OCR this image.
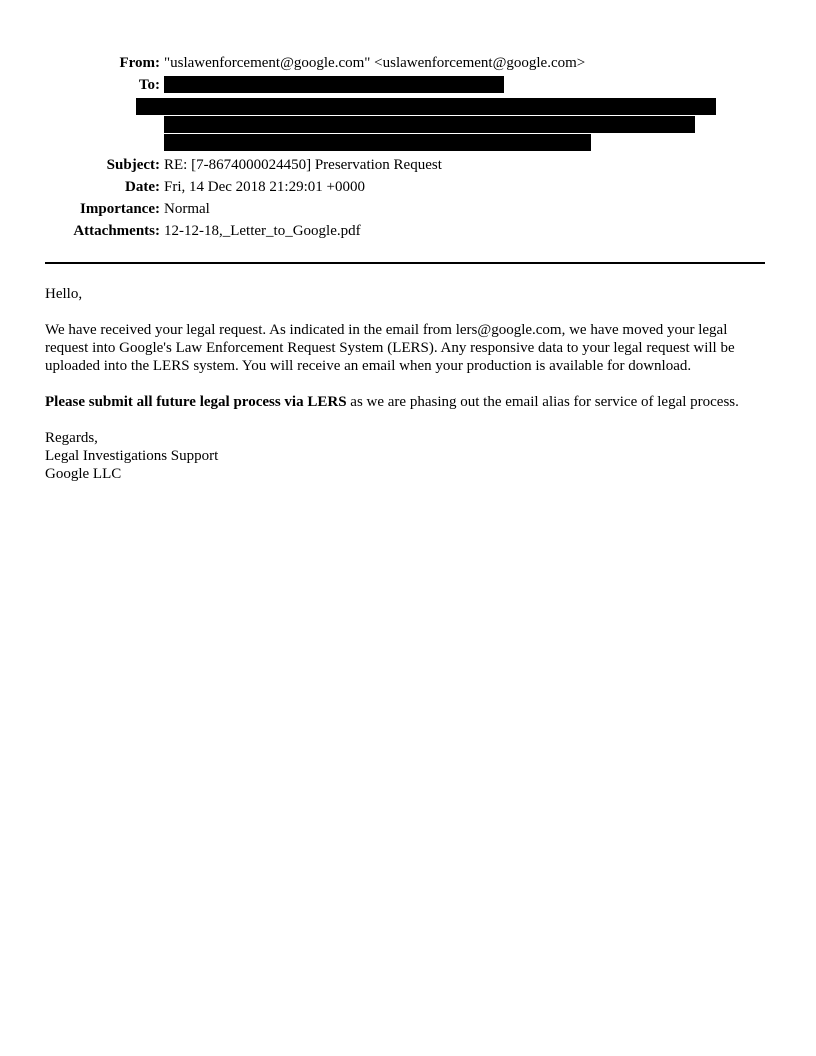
From: "uslawenforcement@google.com" <uslawenforcement@google.com>
To:
Subject: RE: [7-8674000024450] Preservation Request
Date: Fri, 14 Dec 2018 21:29:01 +0000
Importance: Normal
Attachments: 12-12-18,_Letter_to_Google.pdf

Hello,

We have received your legal request. As indicated in the email from lers@google.com, we have moved your legal request into Google's Law Enforcement Request System (LERS). Any responsive data to your legal request will be uploaded into the LERS system. You will receive an email when your production is available for download.

Please submit all future legal process via LERS as we are phasing out the email alias for service of legal process.

Regards,

Legal Investigations Support

Google LLC
